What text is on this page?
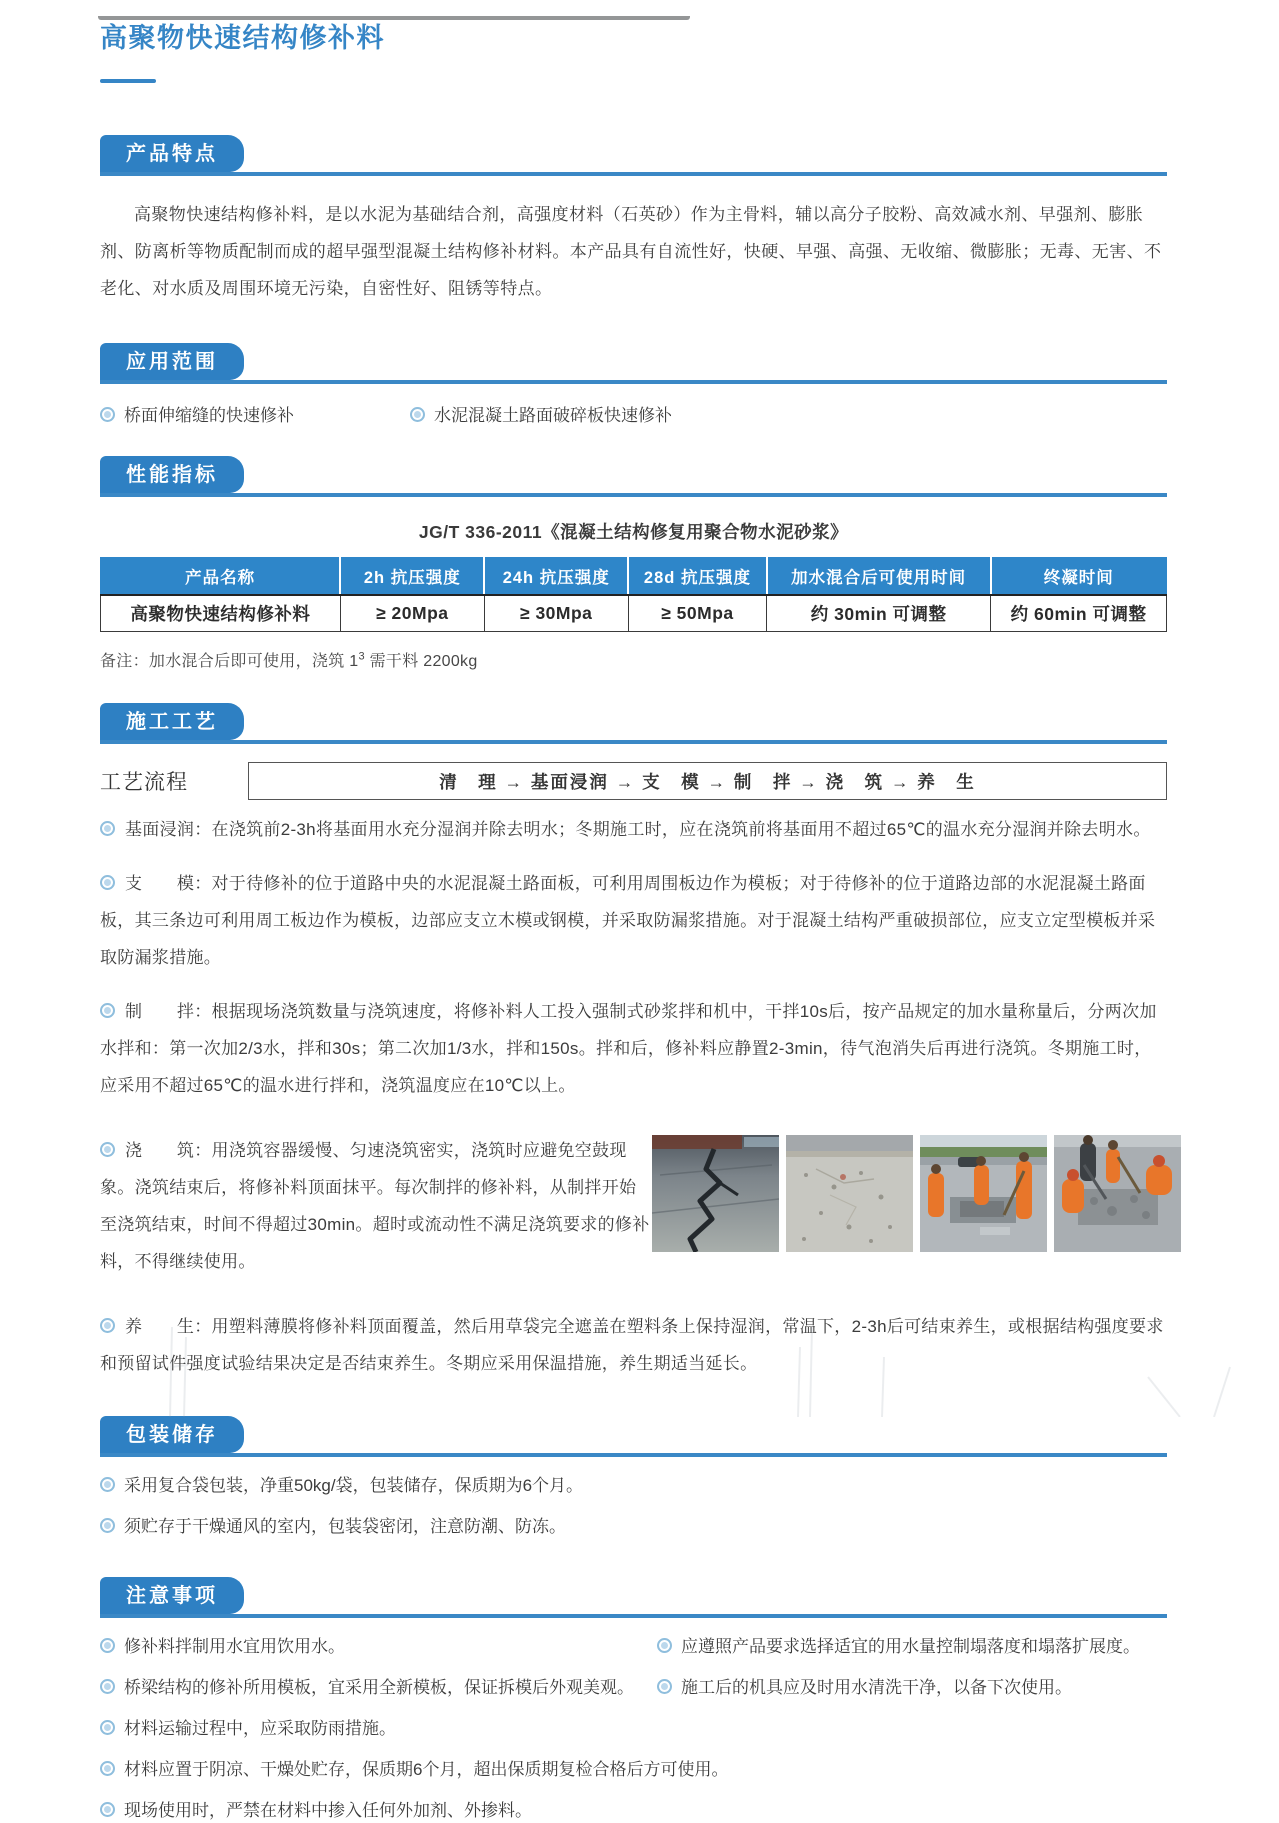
高聚物快速结构修补料
产品特点

高聚物快速结构修补料，是以水泥为基础结合剂，高强度材料（石英砂）作为主骨料，辅以高分子胶粉、高效减水剂、早强剂、膨胀剂、防离析等物质配制而成的超早强型混凝土结构修补材料。本产品具有自流性好，快硬、早强、高强、无收缩、微膨胀；无毒、无害、不老化、对水质及周围环境无污染，自密性好、阻锈等特点。

应用范围
桥面伸缩缝的快速修补	水泥混凝土路面破碎板快速修补
性能指标
JG/T 336-2011《混凝土结构修复用聚合物水泥砂浆》
产品名称	2h 抗压强度	24h 抗压强度	28d 抗压强度	加水混合后可使用时间	终凝时间
高聚物快速结构修补料	≥ 20Mpa	≥ 30Mpa	≥ 50Mpa	约 30min 可调整	约 60min 可调整
备注：加水混合后即可使用，浇筑 $1^3$ 需干料 2200kg
施工工艺
工艺流程	清　理 → 基面浸润 → 支　模 → 制　拌 → 浇　筑 → 养　生

基面浸润：在浇筑前2-3h将基面用水充分湿润并除去明水；冬期施工时，应在浇筑前将基面用不超过65℃的温水充分湿润并除去明水。

支　　模：对于待修补的位于道路中央的水泥混凝土路面板，可利用周围板边作为模板；对于待修补的位于道路边部的水泥混凝土路面板，其三条边可利用周工板边作为模板，边部应支立木模或钢模，并采取防漏浆措施。对于混凝土结构严重破损部位，应支立定型模板并采取防漏浆措施。

制　　拌：根据现场浇筑数量与浇筑速度，将修补料人工投入强制式砂浆拌和机中，干拌10s后，按产品规定的加水量称量后，分两次加水拌和：第一次加2/3水，拌和30s；第二次加1/3水，拌和150s。拌和后，修补料应静置2-3min，待气泡消失后再进行浇筑。冬期施工时，应采用不超过65℃的温水进行拌和，浇筑温度应在10℃以上。

浇　　筑：用浇筑容器缓慢、匀速浇筑密实，浇筑时应避免空鼓现象。浇筑结束后，将修补料顶面抹平。每次制拌的修补料，从制拌开始至浇筑结束，时间不得超过30min。超时或流动性不满足浇筑要求的修补料，不得继续使用。

养　　生：用塑料薄膜将修补料顶面覆盖，然后用草袋完全遮盖在塑料条上保持湿润，常温下，2-3h后可结束养生，或根据结构强度要求和预留试件强度试验结果决定是否结束养生。冬期应采用保温措施，养生期适当延长。

包装储存
采用复合袋包装，净重50kg/袋，包装储存，保质期为6个月。
须贮存于干燥通风的室内，包装袋密闭，注意防潮、防冻。
注意事项
修补料拌制用水宜用饮用水。	应遵照产品要求选择适宜的用水量控制塌落度和塌落扩展度。
桥梁结构的修补所用模板，宜采用全新模板，保证拆模后外观美观。	施工后的机具应及时用水清洗干净，以备下次使用。
材料运输过程中，应采取防雨措施。
材料应置于阴凉、干燥处贮存，保质期6个月，超出保质期复检合格后方可使用。
现场使用时，严禁在材料中掺入任何外加剂、外掺料。
